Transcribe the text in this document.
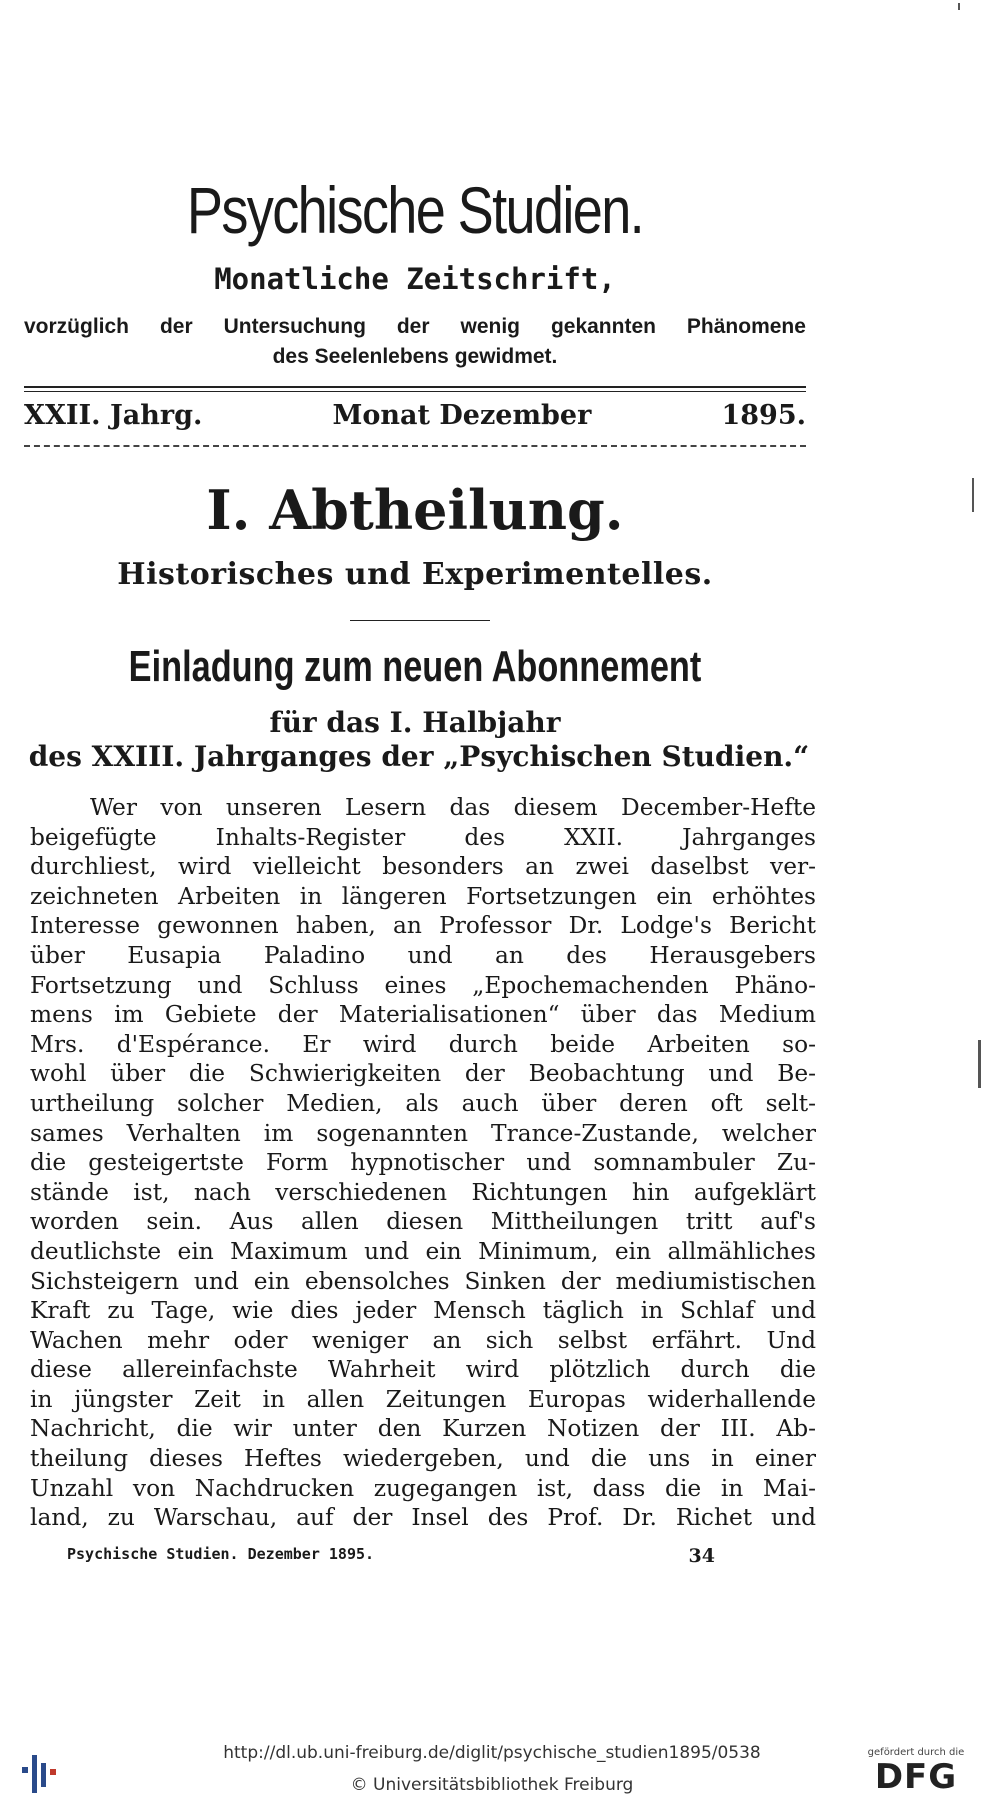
Psychische Studien.
Monatliche Zeitschrift,
vorzüglich der Untersuchung der wenig gekannten Phänomene
des Seelenlebens gewidmet.
XXII. Jahrg.	Monat Dezember	1895.
I. Abtheilung.
Historisches und Experimentelles.
Einladung zum neuen Abonnement
für das I. Halbjahr
des XXIII. Jahrganges der „Psychischen Studien.“
Wer von unseren Lesern das diesem December-Hefte
beigefügte Inhalts-Register des XXII. Jahrganges
durchliest, wird vielleicht besonders an zwei daselbst ver-
zeichneten Arbeiten in längeren Fortsetzungen ein erhöhtes
Interesse gewonnen haben, an Professor Dr. Lodge's Bericht
über Eusapia Paladino und an des Herausgebers
Fortsetzung und Schluss eines „Epochemachenden Phäno-
mens im Gebiete der Materialisationen“ über das Medium
Mrs. d'Espérance. Er wird durch beide Arbeiten so-
wohl über die Schwierigkeiten der Beobachtung und Be-
urtheilung solcher Medien, als auch über deren oft selt-
sames Verhalten im sogenannten Trance-Zustande, welcher
die gesteigertste Form hypnotischer und somnambuler Zu-
stände ist, nach verschiedenen Richtungen hin aufgeklärt
worden sein. Aus allen diesen Mittheilungen tritt auf's
deutlichste ein Maximum und ein Minimum, ein allmähliches
Sichsteigern und ein ebensolches Sinken der mediumistischen
Kraft zu Tage, wie dies jeder Mensch täglich in Schlaf und
Wachen mehr oder weniger an sich selbst erfährt. Und
diese allereinfachste Wahrheit wird plötzlich durch die
in jüngster Zeit in allen Zeitungen Europas widerhallende
Nachricht, die wir unter den Kurzen Notizen der III. Ab-
theilung dieses Heftes wiedergeben, und die uns in einer
Unzahl von Nachdrucken zugegangen ist, dass die in Mai-
land, zu Warschau, auf der Insel des Prof. Dr. Richet und
Psychische Studien. Dezember 1895.	34
http://dl.ub.uni-freiburg.de/diglit/psychische_studien1895/0538
© Universitätsbibliothek Freiburg
gefördert durch die
DFG
